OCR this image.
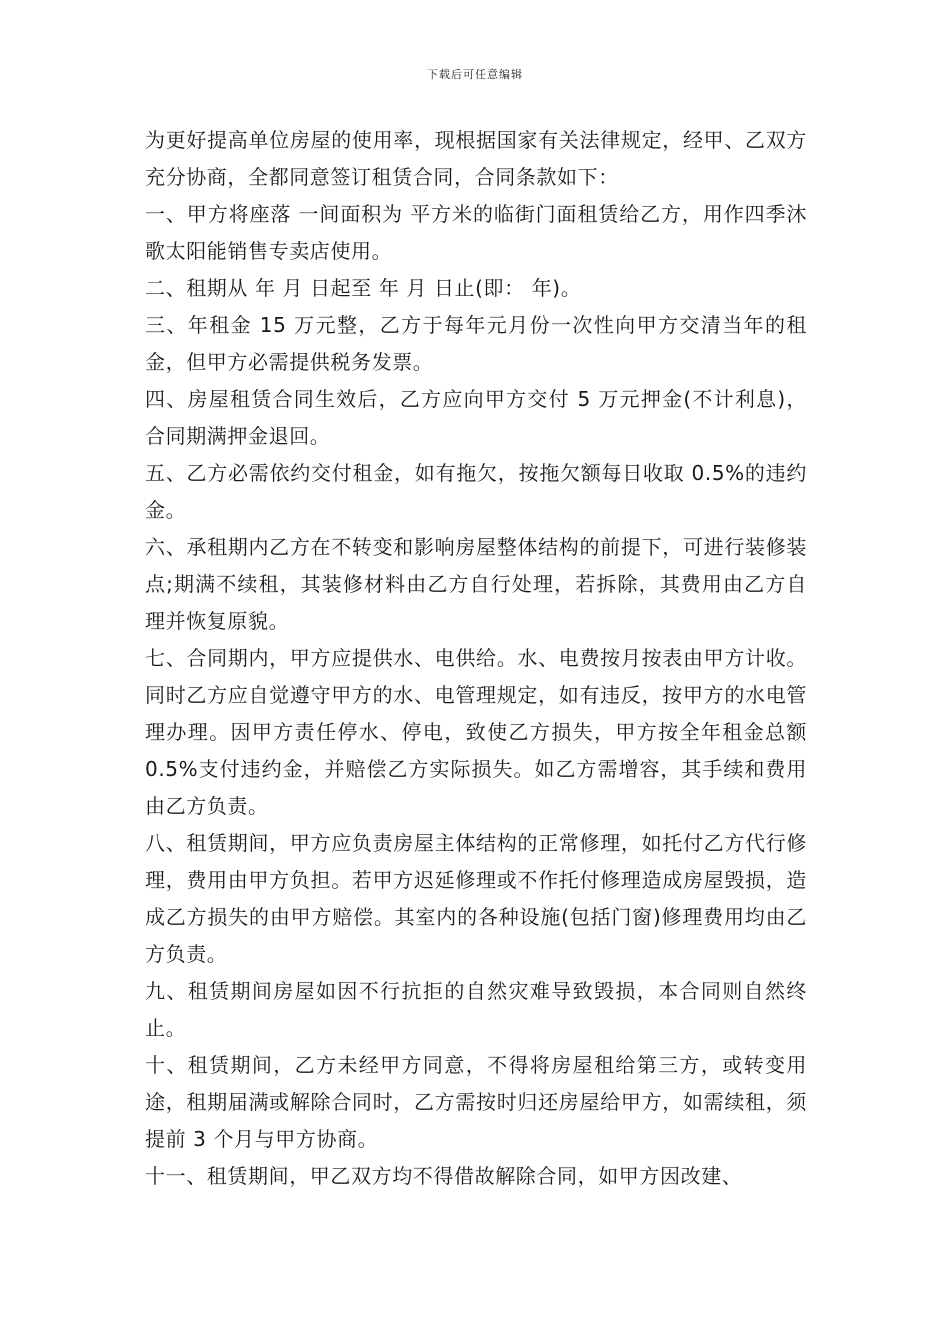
下载后可任意编辑

为更好提高单位房屋的使用率，现根据国家有关法律规定，经甲、乙双方充分协商，全都同意签订租赁合同，合同条款如下：

一、甲方将座落 一间面积为 平方米的临街门面租赁给乙方，用作四季沐歌太阳能销售专卖店使用。

二、租期从 年 月 日起至 年 月 日止(即： 年)。

三、年租金 15 万元整，乙方于每年元月份一次性向甲方交清当年的租金，但甲方必需提供税务发票。

四、房屋租赁合同生效后，乙方应向甲方交付 5 万元押金(不计利息)，合同期满押金退回。

五、乙方必需依约交付租金，如有拖欠，按拖欠额每日收取 0.5%的违约金。

六、承租期内乙方在不转变和影响房屋整体结构的前提下，可进行装修装点;期满不续租，其装修材料由乙方自行处理，若拆除，其费用由乙方自理并恢复原貌。

七、合同期内，甲方应提供水、电供给。水、电费按月按表由甲方计收。同时乙方应自觉遵守甲方的水、电管理规定，如有违反，按甲方的水电管理办理。因甲方责任停水、停电，致使乙方损失，甲方按全年租金总额 0.5%支付违约金，并赔偿乙方实际损失。如乙方需增容，其手续和费用由乙方负责。

八、租赁期间，甲方应负责房屋主体结构的正常修理，如托付乙方代行修理，费用由甲方负担。若甲方迟延修理或不作托付修理造成房屋毁损，造成乙方损失的由甲方赔偿。其室内的各种设施(包括门窗)修理费用均由乙方负责。

九、租赁期间房屋如因不行抗拒的自然灾难导致毁损，本合同则自然终止。

十、租赁期间，乙方未经甲方同意，不得将房屋租给第三方，或转变用途，租期届满或解除合同时，乙方需按时归还房屋给甲方，如需续租，须提前 3 个月与甲方协商。

十一、租赁期间，甲乙双方均不得借故解除合同，如甲方因改建、
